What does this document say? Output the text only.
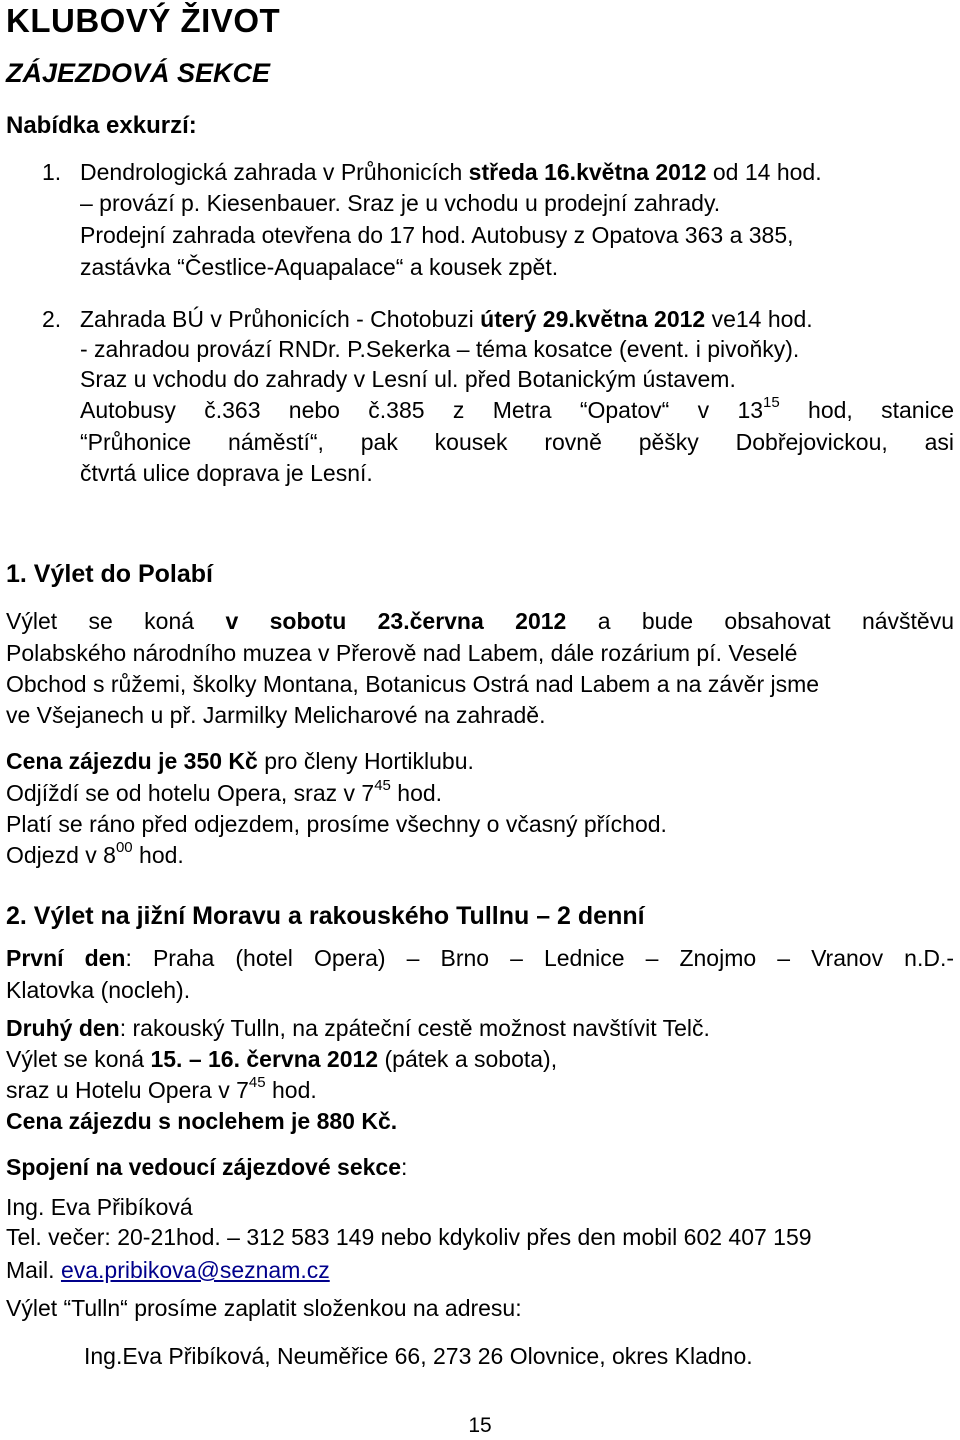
KLUBOVÝ ŽIVOT
ZÁJEZDOVÁ SEKCE
Nabídka exkurzí:
1. Dendrologická zahrada v Průhonicích středa 16.května 2012 od 14 hod.
– provází p. Kiesenbauer. Sraz je u vchodu u prodejní zahrady.
Prodejní zahrada otevřena do 17 hod. Autobusy z Opatova 363 a 385,
zastávka “Čestlice-Aquapalace“ a kousek zpět.
2. Zahrada BÚ v Průhonicích - Chotobuzi úterý 29.května 2012 ve14 hod.
- zahradou provází RNDr. P.Sekerka – téma kosatce (event. i pivoňky).
Sraz u vchodu do zahrady v Lesní ul. před Botanickým ústavem.
Autobusy č.363 nebo č.385 z Metra “Opatov“ v $13^{15}$ hod, stanice
“Průhonice náměstí“, pak kousek rovně pěšky Dobřejovickou, asi
čtvrtá ulice doprava je Lesní.
1. Výlet do Polabí
Výlet se koná v sobotu 23.června 2012 a bude obsahovat návštěvu
Polabského národního muzea v Přerově nad Labem, dále rozárium pí. Veselé
Obchod s růžemi, školky Montana, Botanicus Ostrá nad Labem a na závěr jsme
ve Všejanech u př. Jarmilky Melicharové na zahradě.
Cena zájezdu je 350 Kč pro členy Hortiklubu.
Odjíždí se od hotelu Opera, sraz v $7^{45}$ hod.
Platí se ráno před odjezdem, prosíme všechny o včasný příchod.
Odjezd v $8^{00}$ hod.
2. Výlet na jižní Moravu a rakouského Tullnu – 2 denní
První den: Praha (hotel Opera) – Brno – Lednice – Znojmo – Vranov n.D.-
Klatovka (nocleh).
Druhý den: rakouský Tulln, na zpáteční cestě možnost navštívit Telč.
Výlet se koná 15. – 16. června 2012 (pátek a sobota),
sraz u Hotelu Opera v $7^{45}$ hod.
Cena zájezdu s noclehem je 880 Kč.
Spojení na vedoucí zájezdové sekce:
Ing. Eva Přibíková
Tel. večer: 20-21hod. – 312 583 149 nebo kdykoliv přes den mobil 602 407 159
Mail. eva.pribikova@seznam.cz
Výlet “Tulln“ prosíme zaplatit složenkou na adresu:
Ing.Eva Přibíková, Neuměřice 66, 273 26 Olovnice, okres Kladno.
15
